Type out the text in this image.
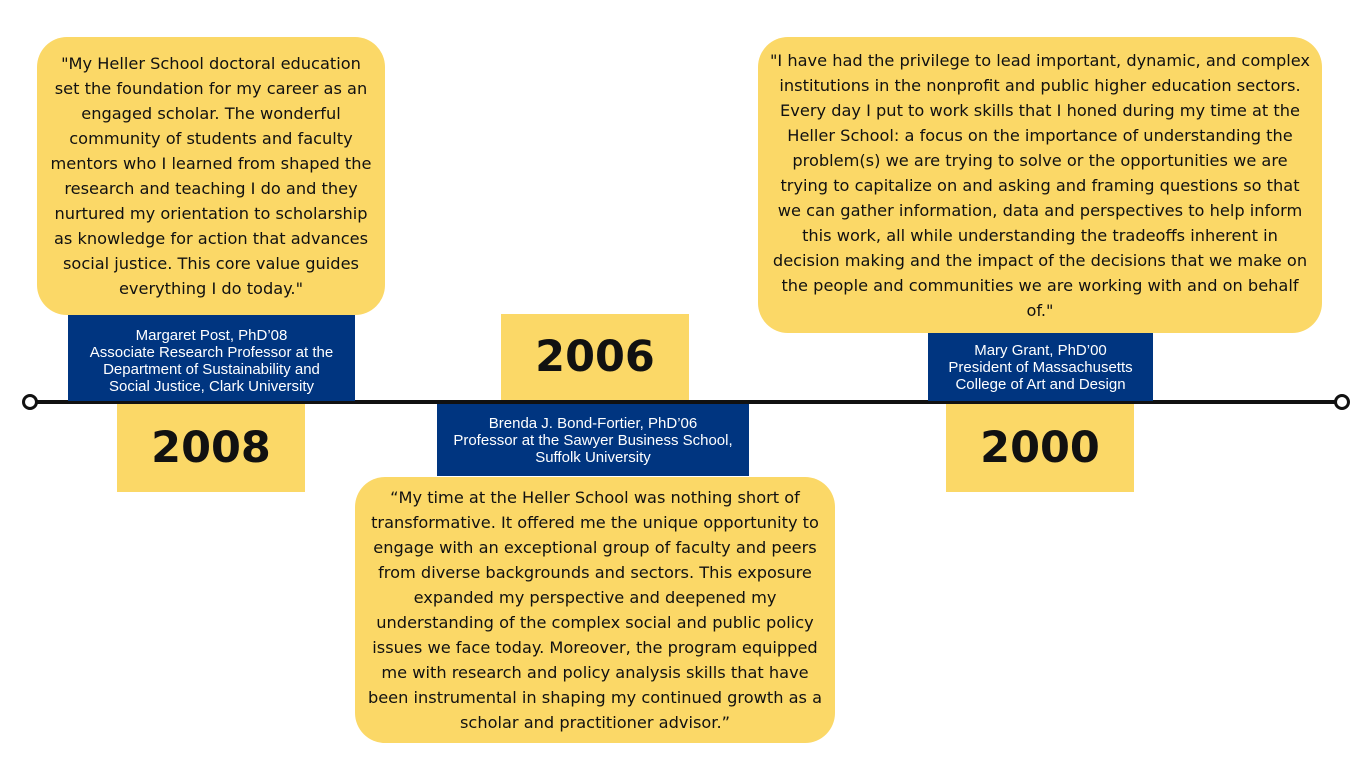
"My Heller School doctoral education set the foundation for my career as an engaged scholar. The wonderful community of students and faculty mentors who I learned from shaped the research and teaching I do and they nurtured my orientation to scholarship as knowledge for action that advances social justice. This core value guides everything I do today."
Margaret Post, PhD’08
Associate Research Professor at the
Department of Sustainability and
Social Justice, Clark University
2008
2006
Brenda J. Bond-Fortier, PhD’06
Professor at the Sawyer Business School,
Suffolk University
“My time at the Heller School was nothing short of transformative. It offered me the unique opportunity to engage with an exceptional group of faculty and peers from diverse backgrounds and sectors. This exposure expanded my perspective and deepened my understanding of the complex social and public policy issues we face today. Moreover, the program equipped me with research and policy analysis skills that have been instrumental in shaping my continued growth as a scholar and practitioner advisor.”
"I have had the privilege to lead important, dynamic, and complex institutions in the nonprofit and public higher education sectors. Every day I put to work skills that I honed during my time at the Heller School: a focus on the importance of understanding the problem(s) we are trying to solve or the opportunities we are trying to capitalize on and asking and framing questions so that we can gather information, data and perspectives to help inform this work, all while understanding the tradeoffs inherent in decision making and the impact of the decisions that we make on the people and communities we are working with and on behalf of."
Mary Grant, PhD’00
President of Massachusetts
College of Art and Design
2000
